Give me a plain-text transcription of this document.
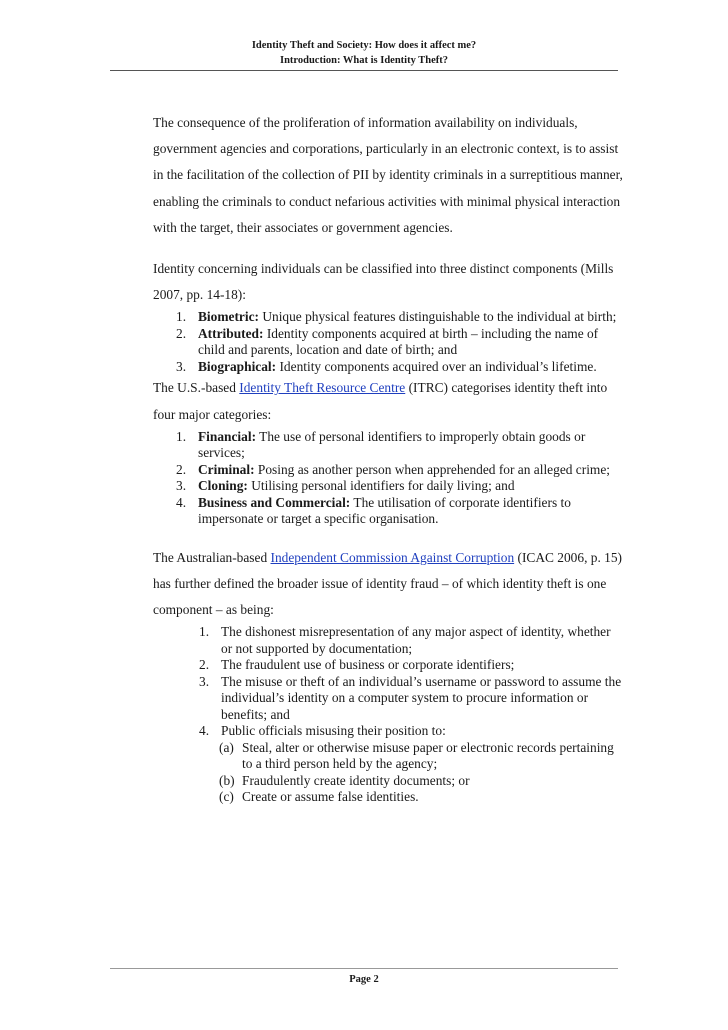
Identity Theft and Society: How does it affect me?
Introduction: What is Identity Theft?

The consequence of the proliferation of information availability on individuals, government agencies and corporations, particularly in an electronic context, is to assist in the facilitation of the collection of PII by identity criminals in a surreptitious manner, enabling the criminals to conduct nefarious activities with minimal physical interaction with the target, their associates or government agencies.

Identity concerning individuals can be classified into three distinct components (Mills 2007, pp. 14-18):

1. Biometric: Unique physical features distinguishable to the individual at birth;
2. Attributed: Identity components acquired at birth – including the name of child and parents, location and date of birth; and
3. Biographical: Identity components acquired over an individual’s lifetime.

The U.S.-based Identity Theft Resource Centre (ITRC) categorises identity theft into four major categories:

1. Financial: The use of personal identifiers to improperly obtain goods or services;
2. Criminal: Posing as another person when apprehended for an alleged crime;
3. Cloning: Utilising personal identifiers for daily living; and
4. Business and Commercial: The utilisation of corporate identifiers to impersonate or target a specific organisation.

The Australian-based Independent Commission Against Corruption (ICAC 2006, p. 15) has further defined the broader issue of identity fraud – of which identity theft is one component – as being:

1. The dishonest misrepresentation of any major aspect of identity, whether or not supported by documentation;
2. The fraudulent use of business or corporate identifiers;
3. The misuse or theft of an individual’s username or password to assume the individual’s identity on a computer system to procure information or benefits; and
4. Public officials misusing their position to:
(a) Steal, alter or otherwise misuse paper or electronic records pertaining to a third person held by the agency;
(b) Fraudulently create identity documents; or
(c) Create or assume false identities.
Page 2
